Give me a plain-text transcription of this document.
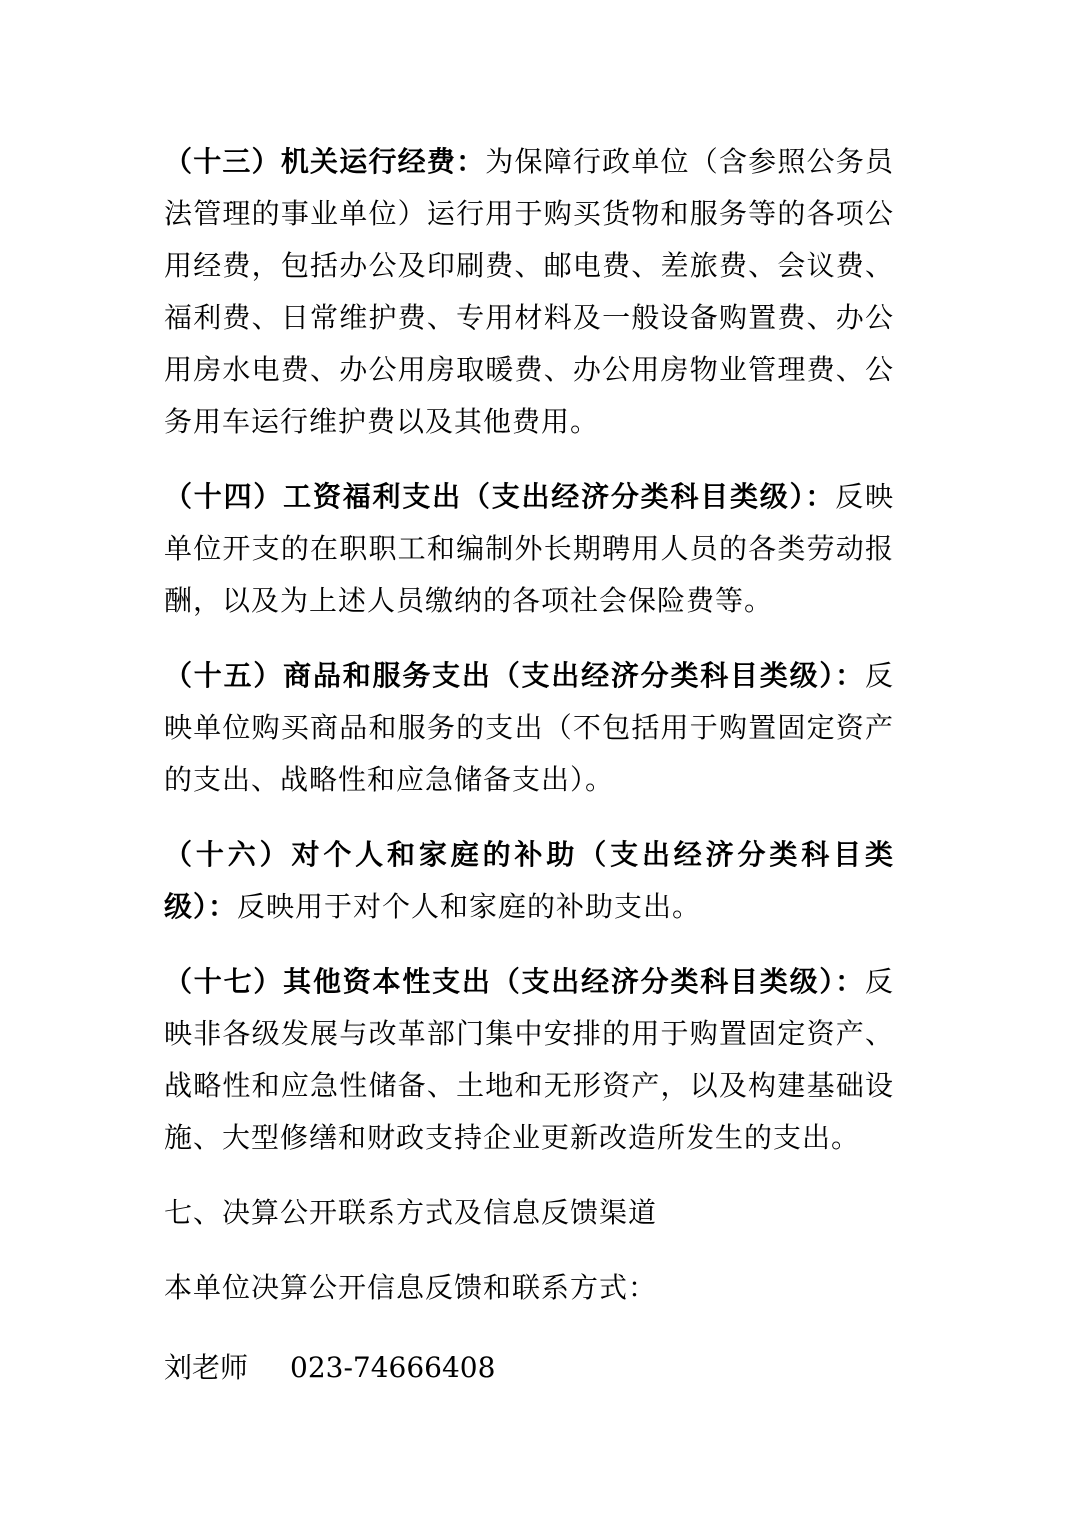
（十三）机关运行经费：为保障行政单位（含参照公务员法管理的事业单位）运行用于购买货物和服务等的各项公用经费，包括办公及印刷费、邮电费、差旅费、会议费、福利费、日常维护费、专用材料及一般设备购置费、办公用房水电费、办公用房取暖费、办公用房物业管理费、公务用车运行维护费以及其他费用。

（十四）工资福利支出（支出经济分类科目类级）：反映单位开支的在职职工和编制外长期聘用人员的各类劳动报酬，以及为上述人员缴纳的各项社会保险费等。

（十五）商品和服务支出（支出经济分类科目类级）：反映单位购买商品和服务的支出（不包括用于购置固定资产的支出、战略性和应急储备支出）。

（十六）对个人和家庭的补助（支出经济分类科目类级）：反映用于对个人和家庭的补助支出。

（十七）其他资本性支出（支出经济分类科目类级）：反映非各级发展与改革部门集中安排的用于购置固定资产、战略性和应急性储备、土地和无形资产，以及构建基础设施、大型修缮和财政支持企业更新改造所发生的支出。

七、决算公开联系方式及信息反馈渠道

本单位决算公开信息反馈和联系方式：

刘老师 023-74666408
